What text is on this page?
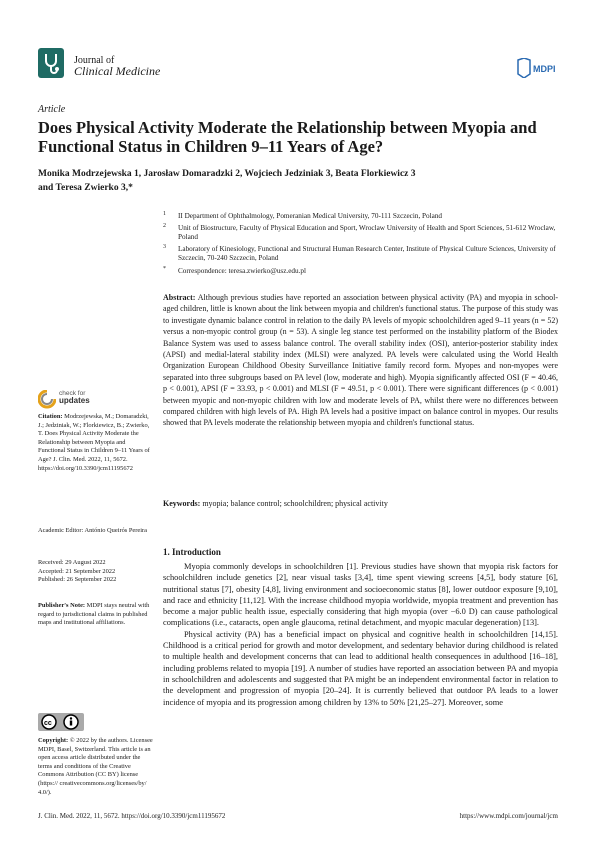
Journal of
Clinical Medicine	MDPI
Article
Does Physical Activity Moderate the Relationship between Myopia and Functional Status in Children 9–11 Years of Age?
Monika Modrzejewska 1, Jarosław Domaradzki 2, Wojciech Jedziniak 3, Beata Florkiewicz 3
and Teresa Zwierko 3,*
1 II Department of Ophthalmology, Pomeranian Medical University, 70-111 Szczecin, Poland
2 Unit of Biostructure, Faculty of Physical Education and Sport, Wroclaw University of Health and Sport Sciences, 51-612 Wroclaw, Poland
3 Laboratory of Kinesiology, Functional and Structural Human Research Center, Institute of Physical Culture Sciences, University of Szczecin, 70-240 Szczecin, Poland
* Correspondence: teresa.zwierko@usz.edu.pl
Abstract: Although previous studies have reported an association between physical activity (PA) and myopia in school-aged children, little is known about the link between myopia and children's functional status. The purpose of this study was to investigate dynamic balance control in relation to the daily PA levels of myopic schoolchildren aged 9–11 years (n = 52) versus a non-myopic control group (n = 53). A single leg stance test performed on the instability platform of the Biodex Balance System was used to assess balance control. The overall stability index (OSI), anterior-posterior stability index (APSI) and medial-lateral stability index (MLSI) were analyzed. PA levels were calculated using the World Health Organization European Childhood Obesity Surveillance Initiative family record form. Myopes and non-myopes were separated into three subgroups based on PA level (low, moderate and high). Myopia significantly affected OSI (F = 40.46, p < 0.001), APSI (F = 33.93, p < 0.001) and MLSI (F = 49.51, p < 0.001). There were significant differences (p < 0.001) between myopic and non-myopic children with low and moderate levels of PA, whilst there were no differences between compared children with high levels of PA. High PA levels had a positive impact on balance control in myopes. Our results showed that PA levels moderate the relationship between myopia and children's functional status.
Keywords: myopia; balance control; schoolchildren; physical activity
check for
updates
Citation: Modrzejewska, M.; Domaradzki, J.; Jedziniak, W.; Florkiewicz, B.; Zwierko, T. Does Physical Activity Moderate the Relationship between Myopia and Functional Status in Children 9–11 Years of Age? J. Clin. Med. 2022, 11, 5672. https://doi.org/10.3390/jcm11195672
Academic Editor: António Queirós Pereira
Received: 29 August 2022
Accepted: 21 September 2022
Published: 26 September 2022
Publisher's Note: MDPI stays neutral with regard to jurisdictional claims in published maps and institutional affiliations.
cc
Copyright: © 2022 by the authors. Licensee MDPI, Basel, Switzerland. This article is an open access article distributed under the terms and conditions of the Creative Commons Attribution (CC BY) license (https:// creativecommons.org/licenses/by/ 4.0/).
1. Introduction

Myopia commonly develops in schoolchildren [1]. Previous studies have shown that myopia risk factors for schoolchildren include genetics [2], near visual tasks [3,4], time spent viewing screens [4,5], body stature [6], nutritional status [7], obesity [4,8], living environment and socioeconomic status [8], lower outdoor exposure [9,10], and race and ethnicity [11,12]. With the increase childhood myopia worldwide, myopia treatment and prevention has become a major public health issue, especially considering that high myopia (over −6.0 D) can cause pathological complications (i.e., cataracts, open angle glaucoma, retinal detachment, and myopic macular degeneration) [13].

Physical activity (PA) has a beneficial impact on physical and cognitive health in schoolchildren [14,15]. Childhood is a critical period for growth and motor development, and sedentary behavior during childhood is related to multiple health and development concerns that can lead to additional health consequences in adulthood [16–18], including problems related to myopia [19]. A number of studies have reported an association between PA and myopia in schoolchildren and adolescents and suggested that PA might be an independent environmental factor in relation to the development and progression of myopia [20–24]. It is currently believed that outdoor PA leads to a lower incidence of myopia and its progression among children by 13% to 50% [21,25–27]. Moreover, some

J. Clin. Med. 2022, 11, 5672. https://doi.org/10.3390/jcm11195672	https://www.mdpi.com/journal/jcm
